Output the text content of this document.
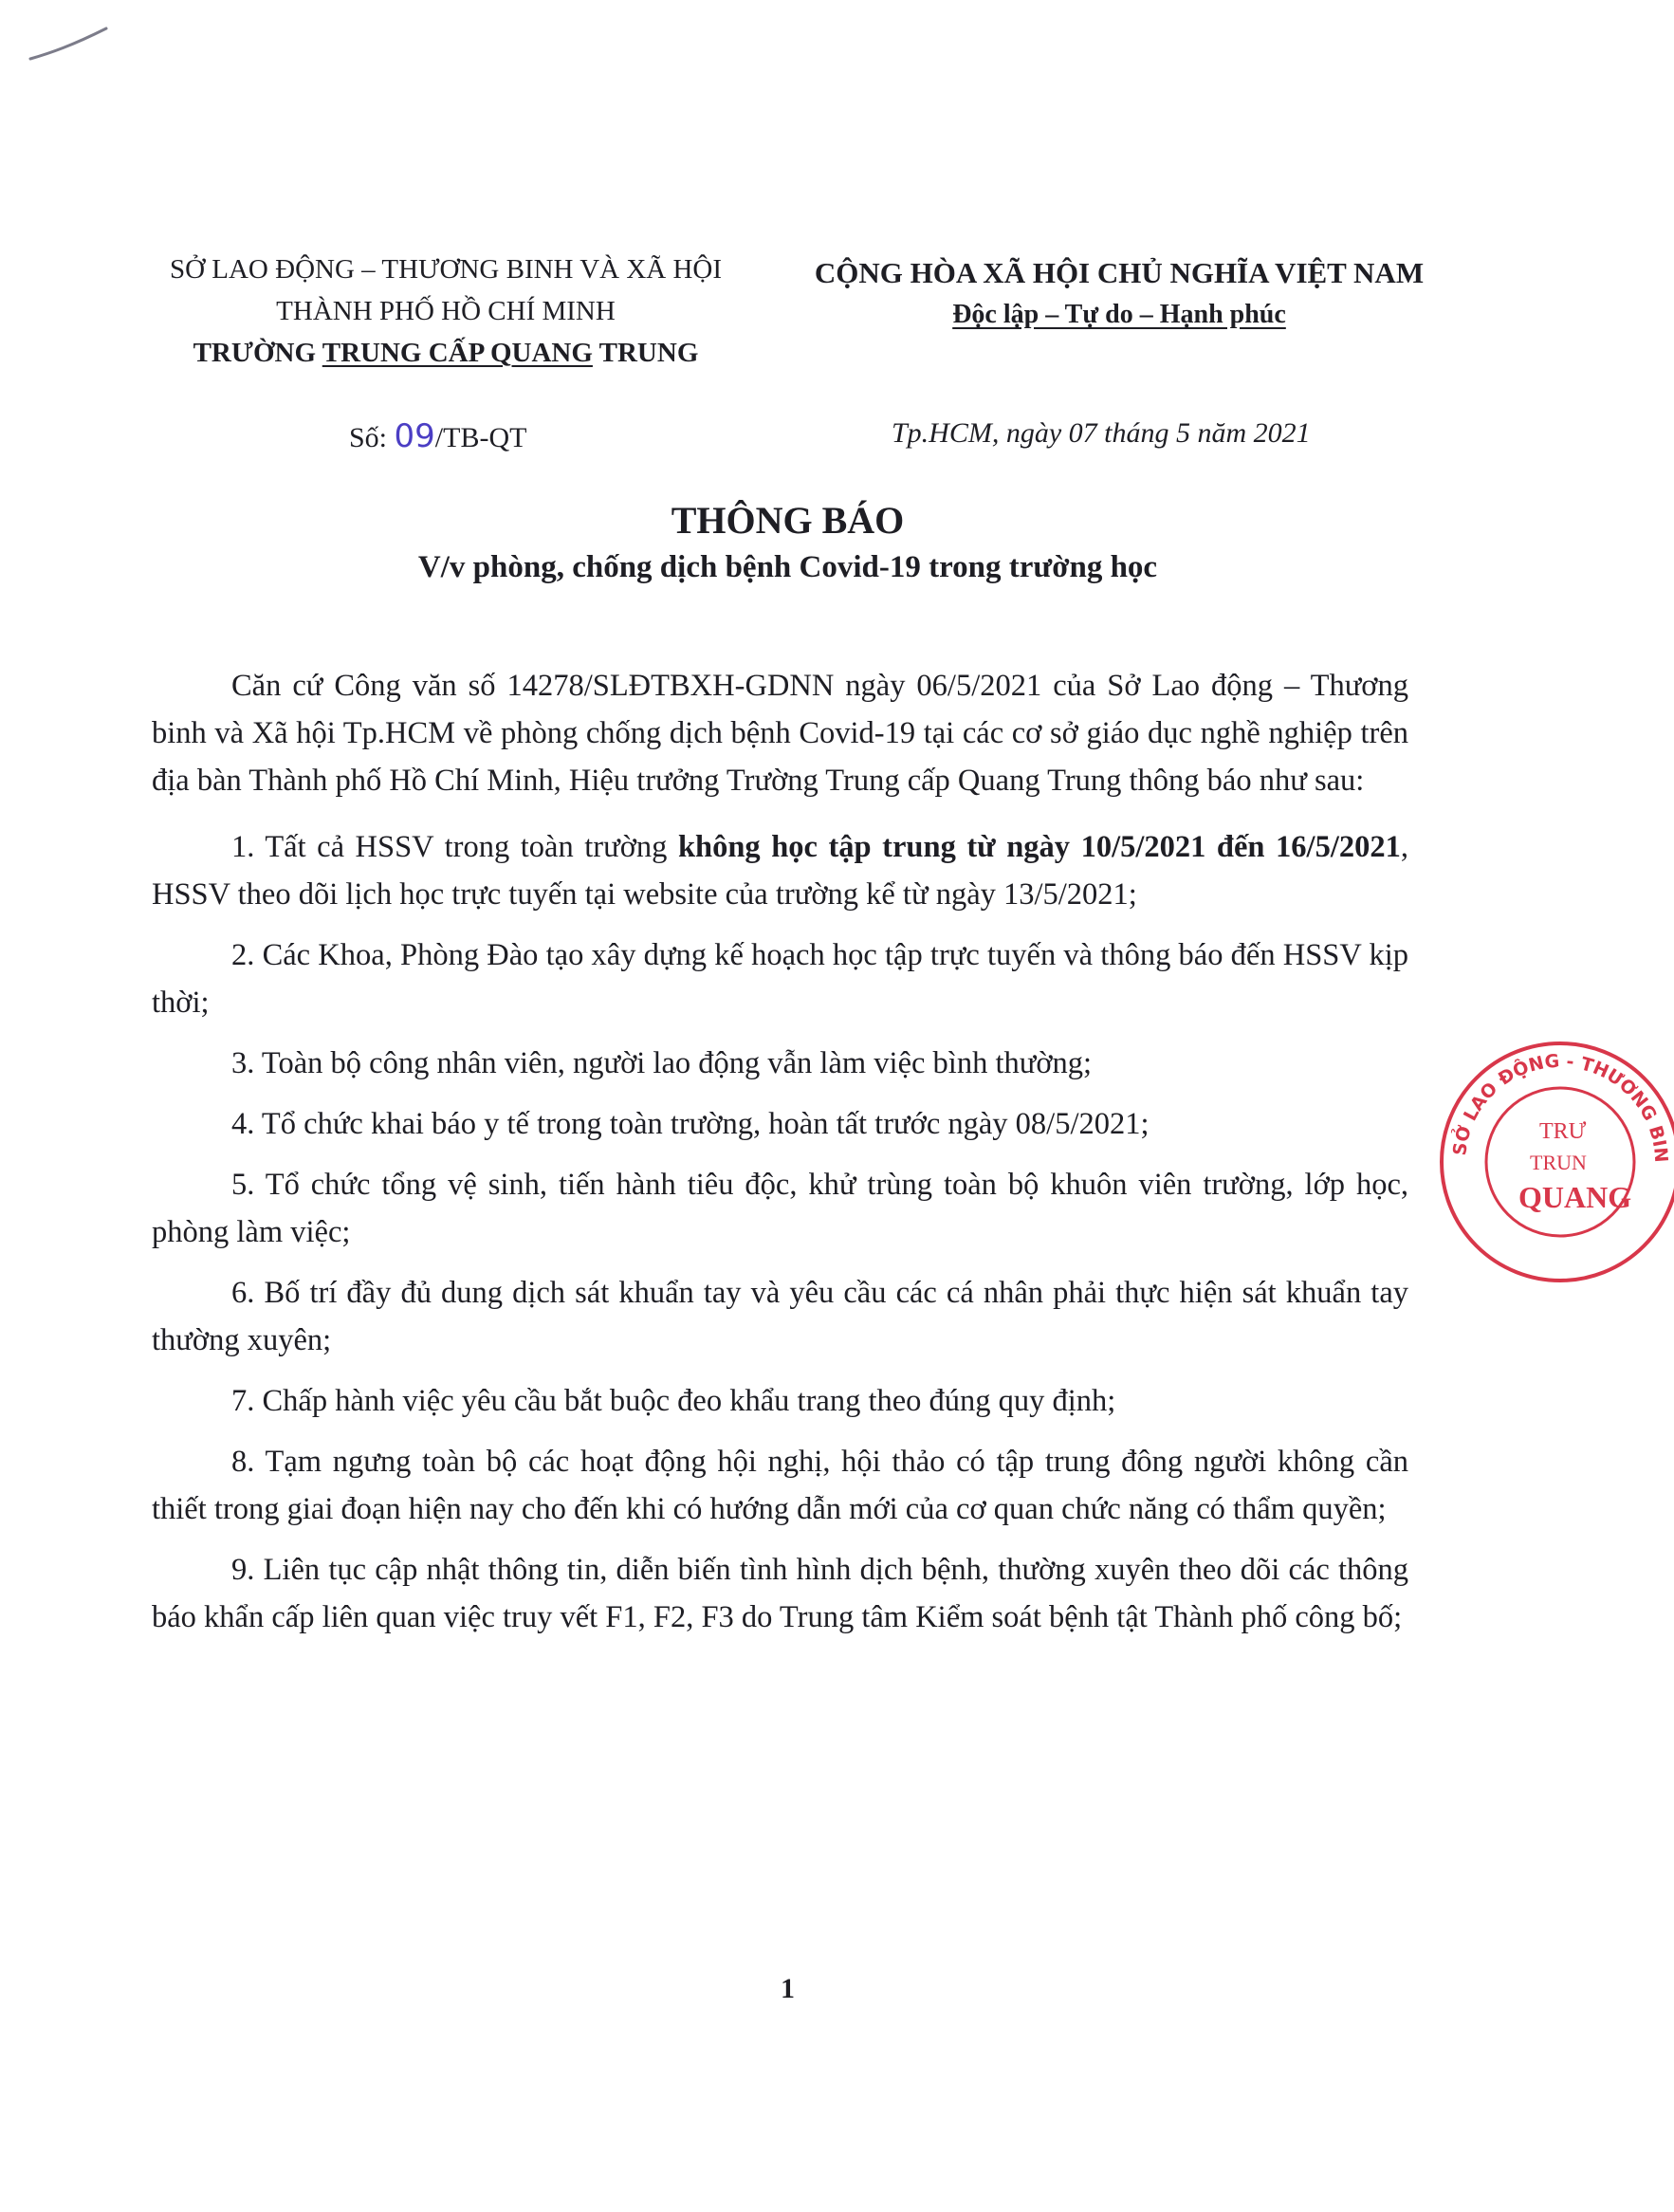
SỞ LAO ĐỘNG – THƯƠNG BINH VÀ XÃ HỘI
THÀNH PHỐ HỒ CHÍ MINH
TRƯỜNG TRUNG CẤP QUANG TRUNG
CỘNG HÒA XÃ HỘI CHỦ NGHĨA VIỆT NAM
Độc lập – Tự do – Hạnh phúc
Số: 09/TB-QT	Tp.HCM, ngày 07 tháng 5 năm 2021
THÔNG BÁO
V/v phòng, chống dịch bệnh Covid-19 trong trường học

Căn cứ Công văn số 14278/SLĐTBXH-GDNN ngày 06/5/2021 của Sở Lao động – Thương binh và Xã hội Tp.HCM về phòng chống dịch bệnh Covid-19 tại các cơ sở giáo dục nghề nghiệp trên địa bàn Thành phố Hồ Chí Minh, Hiệu trưởng Trường Trung cấp Quang Trung thông báo như sau:

1. Tất cả HSSV trong toàn trường không học tập trung từ ngày 10/5/2021 đến 16/5/2021, HSSV theo dõi lịch học trực tuyến tại website của trường kể từ ngày 13/5/2021;

2. Các Khoa, Phòng Đào tạo xây dựng kế hoạch học tập trực tuyến và thông báo đến HSSV kịp thời;

3. Toàn bộ công nhân viên, người lao động vẫn làm việc bình thường;

4. Tổ chức khai báo y tế trong toàn trường, hoàn tất trước ngày 08/5/2021;

5. Tổ chức tổng vệ sinh, tiến hành tiêu độc, khử trùng toàn bộ khuôn viên trường, lớp học, phòng làm việc;

6. Bố trí đầy đủ dung dịch sát khuẩn tay và yêu cầu các cá nhân phải thực hiện sát khuẩn tay thường xuyên;

7. Chấp hành việc yêu cầu bắt buộc đeo khẩu trang theo đúng quy định;

8. Tạm ngưng toàn bộ các hoạt động hội nghị, hội thảo có tập trung đông người không cần thiết trong giai đoạn hiện nay cho đến khi có hướng dẫn mới của cơ quan chức năng có thẩm quyền;

9. Liên tục cập nhật thông tin, diễn biến tình hình dịch bệnh, thường xuyên theo dõi các thông báo khẩn cấp liên quan việc truy vết F1, F2, F3 do Trung tâm Kiểm soát bệnh tật Thành phố công bố;

1
SỞ LAO ĐỘNG - THƯƠNG BINH VÀ
TRƯ
TRUN
QUANG
